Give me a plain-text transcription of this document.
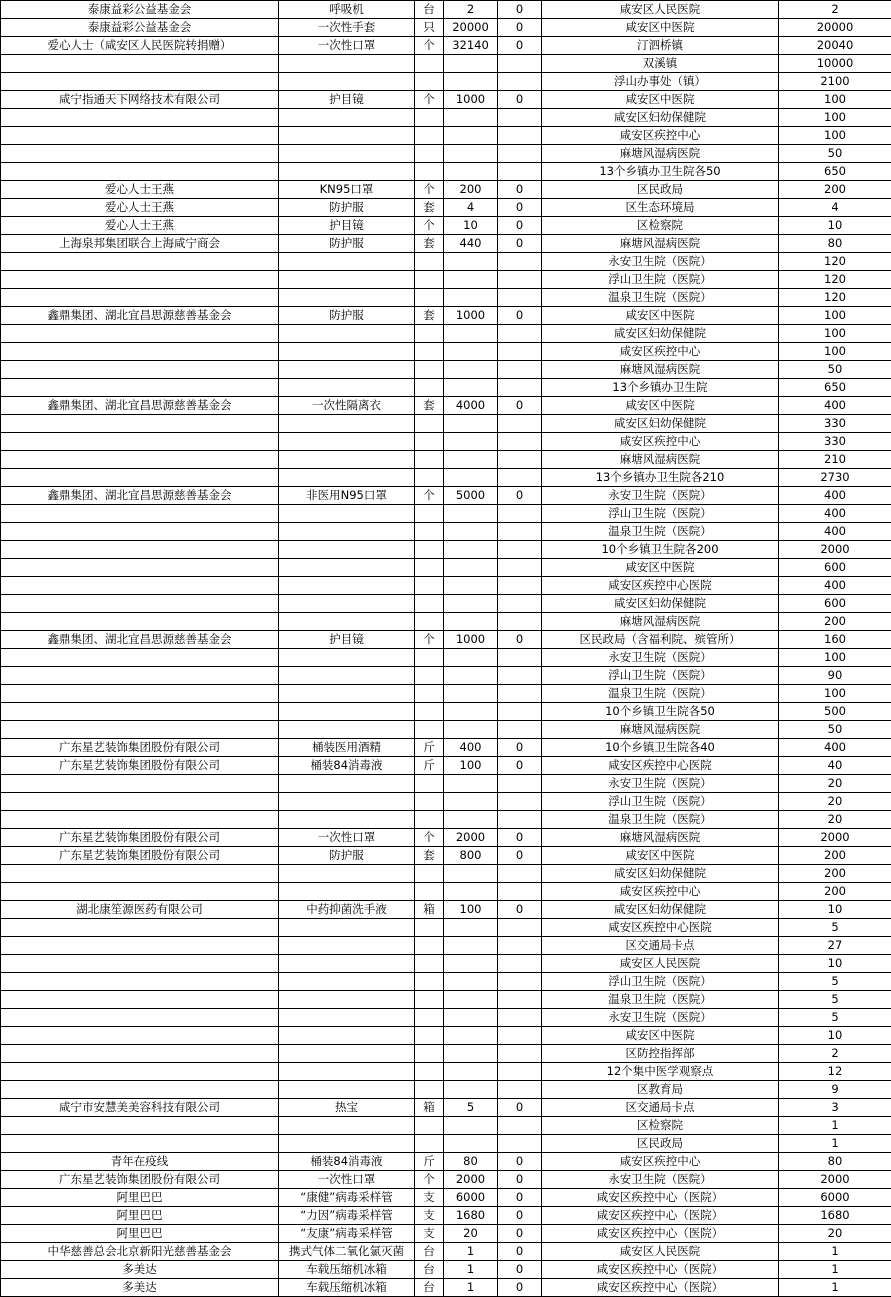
泰康益彩公益基金会	呼吸机	台	2	0	咸安区人民医院	2
泰康益彩公益基金会	一次性手套	只	20000	0	咸安区中医院	20000
爱心人士（咸安区人民医院转捐赠）	一次性口罩	个	32140	0	汀泗桥镇	20040
					双溪镇	10000
					浮山办事处（镇）	2100
咸宁指通天下网络技术有限公司	护目镜	个	1000	0	咸安区中医院	100
					咸安区妇幼保健院	100
					咸安区疾控中心	100
					麻塘风湿病医院	50
					13个乡镇办卫生院各50	650
爱心人士王燕	KN95口罩	个	200	0	区民政局	200
爱心人士王燕	防护服	套	4	0	区生态环境局	4
爱心人士王燕	护目镜	个	10	0	区检察院	10
上海泉邦集团联合上海咸宁商会	防护服	套	440	0	麻塘风湿病医院	80
					永安卫生院（医院）	120
					浮山卫生院（医院）	120
					温泉卫生院（医院）	120
鑫鼎集团、湖北宜昌思源慈善基金会	防护服	套	1000	0	咸安区中医院	100
					咸安区妇幼保健院	100
					咸安区疾控中心	100
					麻塘风湿病医院	50
					13个乡镇办卫生院	650
鑫鼎集团、湖北宜昌思源慈善基金会	一次性隔离衣	套	4000	0	咸安区中医院	400
					咸安区妇幼保健院	330
					咸安区疾控中心	330
					麻塘风湿病医院	210
					13个乡镇办卫生院各210	2730
鑫鼎集团、湖北宜昌思源慈善基金会	非医用N95口罩	个	5000	0	永安卫生院（医院）	400
					浮山卫生院（医院）	400
					温泉卫生院（医院）	400
					10个乡镇卫生院各200	2000
					咸安区中医院	600
					咸安区疾控中心医院	400
					咸安区妇幼保健院	600
					麻塘风湿病医院	200
鑫鼎集团、湖北宜昌思源慈善基金会	护目镜	个	1000	0	区民政局（含福利院、殡管所）	160
					永安卫生院（医院）	100
					浮山卫生院（医院）	90
					温泉卫生院（医院）	100
					10个乡镇卫生院各50	500
					麻塘风湿病医院	50
广东星艺装饰集团股份有限公司	桶装医用酒精	斤	400	0	10个乡镇卫生院各40	400
广东星艺装饰集团股份有限公司	桶装84消毒液	斤	100	0	咸安区疾控中心医院	40
					永安卫生院（医院）	20
					浮山卫生院（医院）	20
					温泉卫生院（医院）	20
广东星艺装饰集团股份有限公司	一次性口罩	个	2000	0	麻塘风湿病医院	2000
广东星艺装饰集团股份有限公司	防护服	套	800	0	咸安区中医院	200
					咸安区妇幼保健院	200
					咸安区疾控中心	200
湖北康笙源医药有限公司	中药抑菌洗手液	箱	100	0	咸安区妇幼保健院	10
					咸安区疾控中心医院	5
					区交通局卡点	27
					咸安区人民医院	10
					浮山卫生院（医院）	5
					温泉卫生院（医院）	5
					永安卫生院（医院）	5
					咸安区中医院	10
					区防控指挥部	2
					12个集中医学观察点	12
					区教育局	9
咸宁市安慧美美容科技有限公司	热宝	箱	5	0	区交通局卡点	3
					区检察院	1
					区民政局	1
青年在疫线	桶装84消毒液	斤	80	0	咸安区疾控中心	80
广东星艺装饰集团股份有限公司	一次性口罩	个	2000	0	永安卫生院（医院）	2000
阿里巴巴	“康健”病毒采样管	支	6000	0	咸安区疾控中心（医院）	6000
阿里巴巴	“力因”病毒采样管	支	1680	0	咸安区疾控中心（医院）	1680
阿里巴巴	“友康”病毒采样管	支	20	0	咸安区疾控中心（医院）	20
中华慈善总会北京新阳光慈善基金会	携式气体二氧化氯灭菌	台	1	0	咸安区人民医院	1
多美达	车载压缩机冰箱	台	1	0	咸安区疾控中心（医院）	1
多美达	车载压缩机冰箱	台	1	0	咸安区疾控中心（医院）	1
